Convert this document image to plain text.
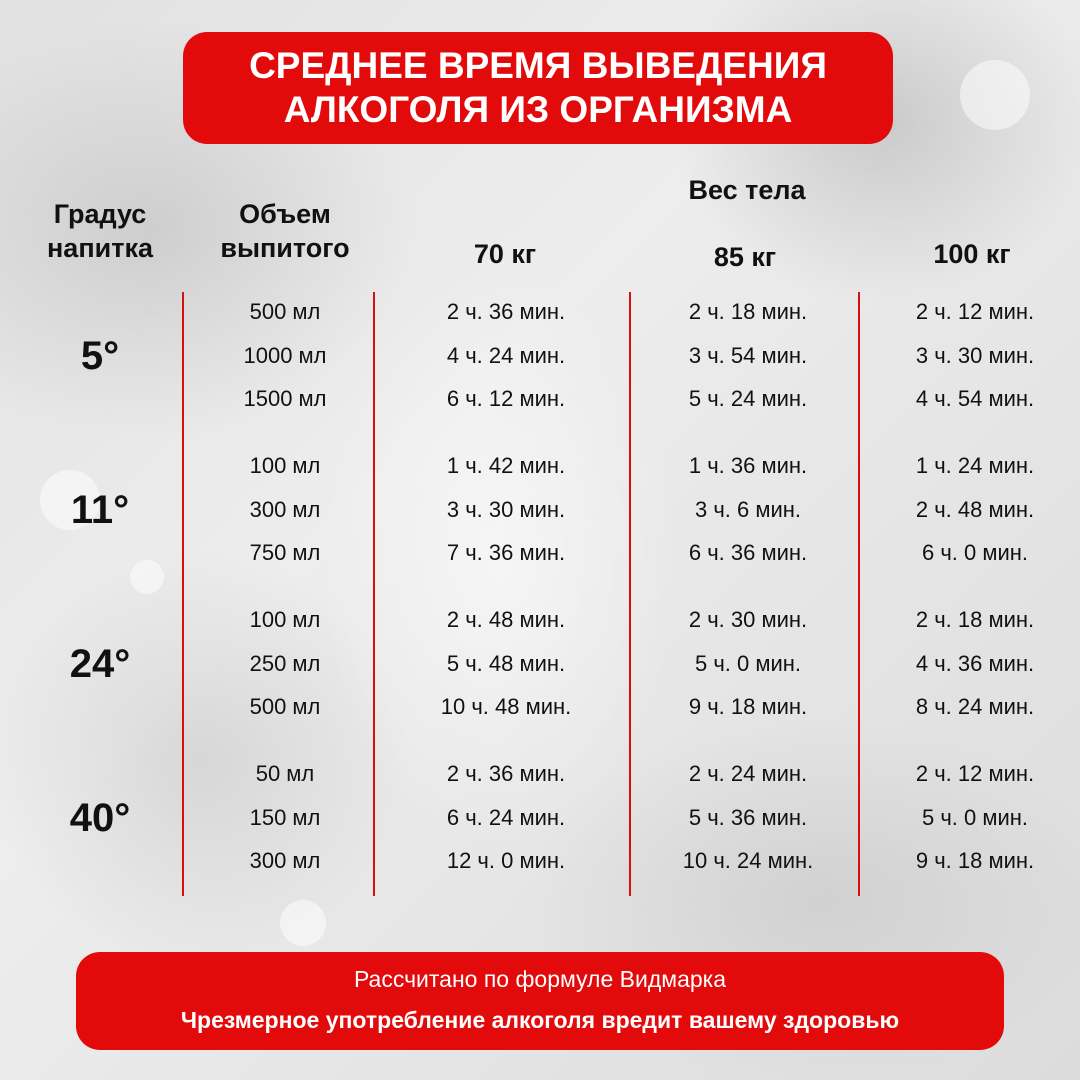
СРЕДНЕЕ ВРЕМЯ ВЫВЕДЕНИЯ
АЛКОГОЛЯ ИЗ ОРГАНИЗМА
Градус
напитка
Объем
выпитого
Вес тела
70 кг	85 кг	100 кг
5°
500 мл	2 ч. 36 мин.	2 ч. 18 мин.	2 ч. 12 мин.
1000 мл	4 ч. 24 мин.	3 ч. 54 мин.	3 ч. 30 мин.
1500 мл	6 ч. 12 мин.	5 ч. 24 мин.	4 ч. 54 мин.
11°
100 мл	1 ч. 42 мин.	1 ч. 36 мин.	1 ч. 24 мин.
300 мл	3 ч. 30 мин.	3 ч. 6 мин.	2 ч. 48 мин.
750 мл	7 ч. 36 мин.	6 ч. 36 мин.	6 ч. 0 мин.
24°
100 мл	2 ч. 48 мин.	2 ч. 30 мин.	2 ч. 18 мин.
250 мл	5 ч. 48 мин.	5 ч. 0 мин.	4 ч. 36 мин.
500 мл	10 ч. 48 мин.	9 ч. 18 мин.	8 ч. 24 мин.
40°
50 мл	2 ч. 36 мин.	2 ч. 24 мин.	2 ч. 12 мин.
150 мл	6 ч. 24 мин.	5 ч. 36 мин.	5 ч. 0 мин.
300 мл	12 ч. 0 мин.	10 ч. 24 мин.	9 ч. 18 мин.
Рассчитано по формуле Видмарка
Чрезмерное употребление алкоголя вредит вашему здоровью
